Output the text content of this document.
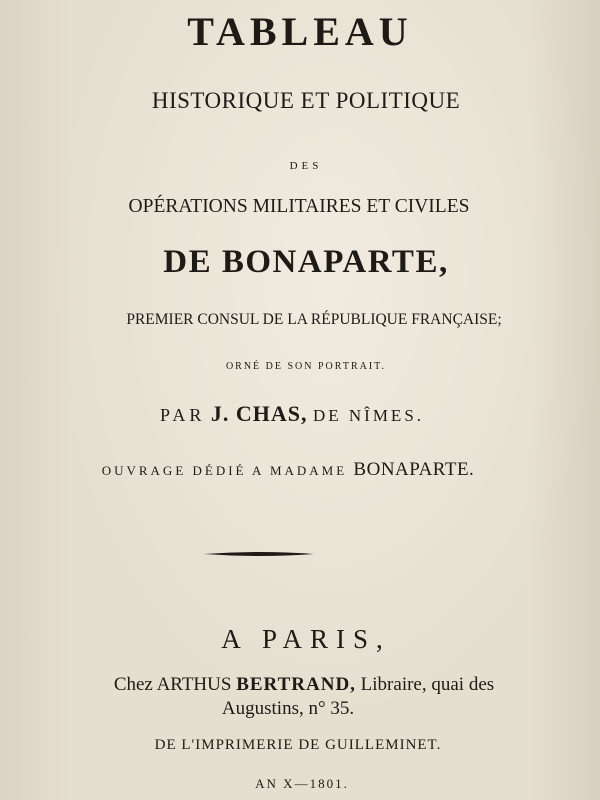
TABLEAU
HISTORIQUE ET POLITIQUE
DES
OPÉRATIONS MILITAIRES ET CIVILES
DE BONAPARTE,
PREMIER CONSUL DE LA RÉPUBLIQUE FRANÇAISE;
ORNÉ DE SON PORTRAIT.
PAR J. CHAS, DE NÎMES.
OUVRAGE DÉDIÉ A MADAME BONAPARTE.
A PARIS,
Chez ARTHUS BERTRAND, Libraire, quai des
Augustins, n° 35.
DE L'IMPRIMERIE DE GUILLEMINET.
AN X—1801.
